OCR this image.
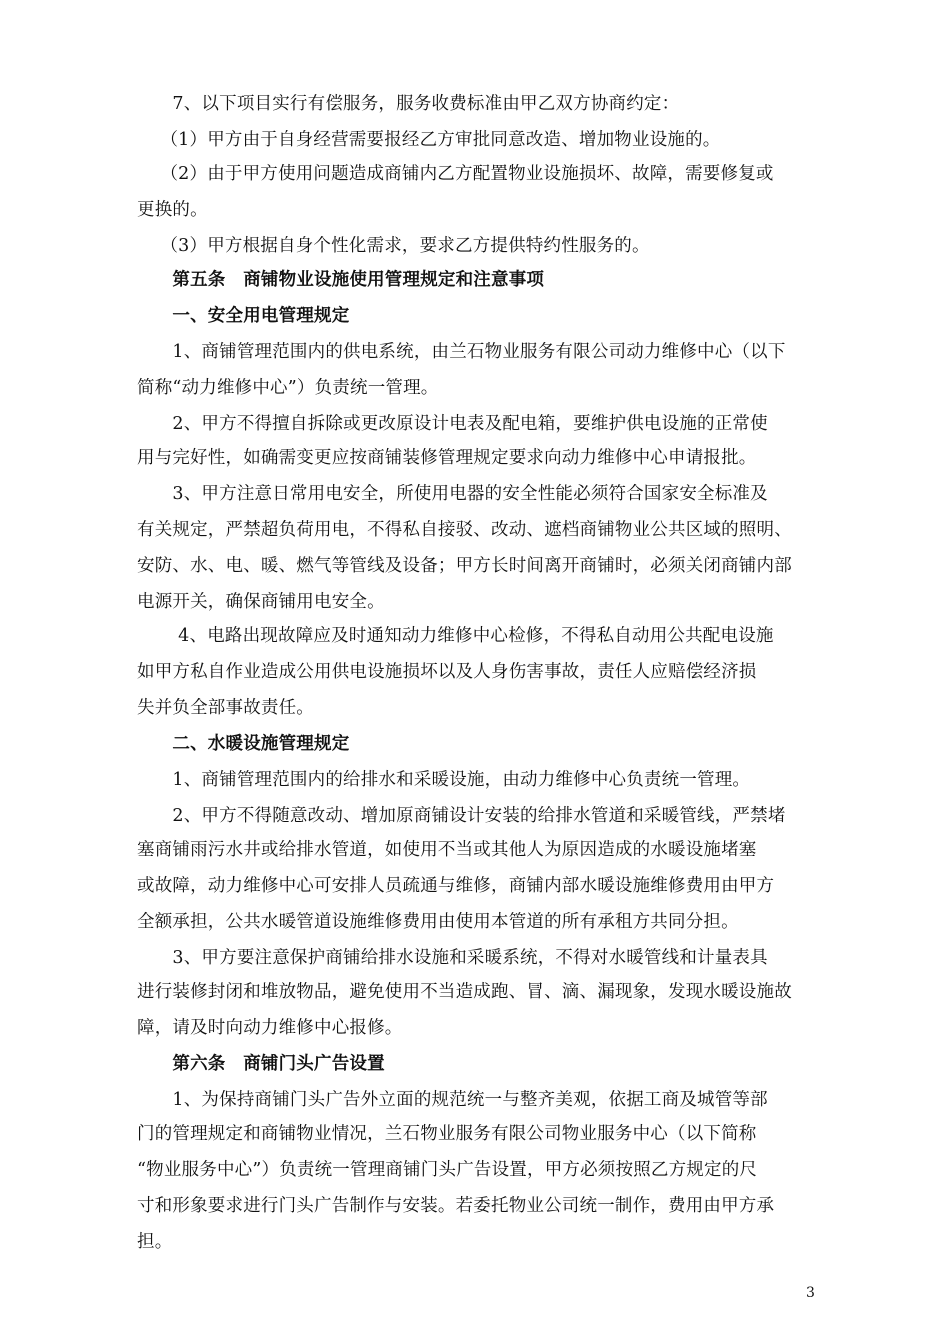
　　7、以下项目实行有偿服务，服务收费标准由甲乙双方协商约定：
　 （1）甲方由于自身经营需要报经乙方审批同意改造、增加物业设施的。
　 （2）由于甲方使用问题造成商铺内乙方配置物业设施损坏、故障，需要修复或
更换的。
　 （3）甲方根据自身个性化需求，要求乙方提供特约性服务的。
　　第五条　商铺物业设施使用管理规定和注意事项
　　一、安全用电管理规定
　　1、商铺管理范围内的供电系统，由兰石物业服务有限公司动力维修中心（以下
简称“动力维修中心”）负责统一管理。
　　2、甲方不得擅自拆除或更改原设计电表及配电箱，要维护供电设施的正常使
用与完好性，如确需变更应按商铺装修管理规定要求向动力维修中心申请报批。
　　3、甲方注意日常用电安全，所使用电器的安全性能必须符合国家安全标准及
有关规定，严禁超负荷用电，不得私自接驳、改动、遮档商铺物业公共区域的照明、
安防、水、电、暖、燃气等管线及设备；甲方长时间离开商铺时，必须关闭商铺内部
电源开关，确保商铺用电安全。
　　 4、电路出现故障应及时通知动力维修中心检修，不得私自动用公共配电设施
如甲方私自作业造成公用供电设施损坏以及人身伤害事故，责任人应赔偿经济损
失并负全部事故责任。
　　二、水暖设施管理规定
　　1、商铺管理范围内的给排水和采暖设施，由动力维修中心负责统一管理。
　　2、甲方不得随意改动、增加原商铺设计安装的给排水管道和采暖管线，严禁堵
塞商铺雨污水井或给排水管道，如使用不当或其他人为原因造成的水暖设施堵塞
或故障，动力维修中心可安排人员疏通与维修，商铺内部水暖设施维修费用由甲方
全额承担，公共水暖管道设施维修费用由使用本管道的所有承租方共同分担。
　　3、甲方要注意保护商铺给排水设施和采暖系统，不得对水暖管线和计量表具
进行装修封闭和堆放物品，避免使用不当造成跑、冒、滴、漏现象，发现水暖设施故
障，请及时向动力维修中心报修。
　　第六条　商铺门头广告设置
　　1、为保持商铺门头广告外立面的规范统一与整齐美观，依据工商及城管等部
门的管理规定和商铺物业情况，兰石物业服务有限公司物业服务中心（以下简称
“物业服务中心”）负责统一管理商铺门头广告设置，甲方必须按照乙方规定的尺
寸和形象要求进行门头广告制作与安装。若委托物业公司统一制作，费用由甲方承
担。
3
